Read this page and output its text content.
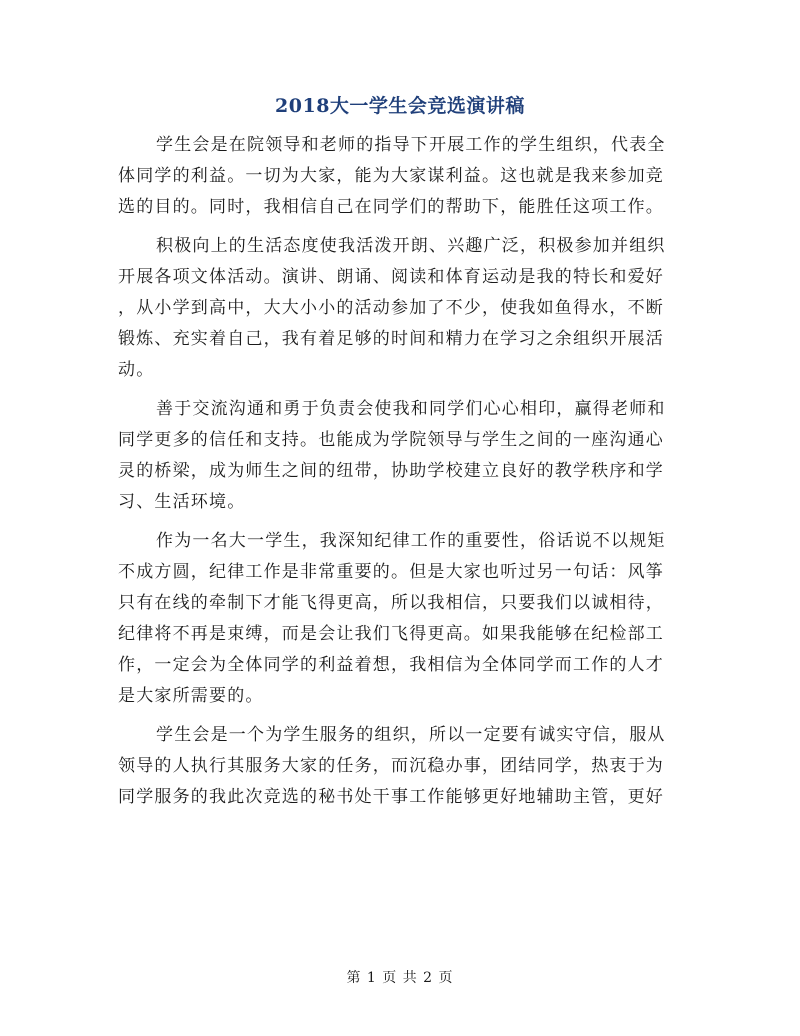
2018大一学生会竞选演讲稿
学生会是在院领导和老师的指导下开展工作的学生组织，代表全
体同学的利益。一切为大家，能为大家谋利益。这也就是我来参加竞
选的目的。同时，我相信自己在同学们的帮助下，能胜任这项工作。
积极向上的生活态度使我活泼开朗、兴趣广泛，积极参加并组织
开展各项文体活动。演讲、朗诵、阅读和体育运动是我的特长和爱好
，从小学到高中，大大小小的活动参加了不少，使我如鱼得水，不断
锻炼、充实着自己，我有着足够的时间和精力在学习之余组织开展活
动。
善于交流沟通和勇于负责会使我和同学们心心相印，赢得老师和
同学更多的信任和支持。也能成为学院领导与学生之间的一座沟通心
灵的桥梁，成为师生之间的纽带，协助学校建立良好的教学秩序和学
习、生活环境。
作为一名大一学生，我深知纪律工作的重要性，俗话说不以规矩
不成方圆，纪律工作是非常重要的。但是大家也听过另一句话：风筝
只有在线的牵制下才能飞得更高，所以我相信，只要我们以诚相待，
纪律将不再是束缚，而是会让我们飞得更高。如果我能够在纪检部工
作，一定会为全体同学的利益着想，我相信为全体同学而工作的人才
是大家所需要的。
学生会是一个为学生服务的组织，所以一定要有诚实守信，服从
领导的人执行其服务大家的任务，而沉稳办事，团结同学，热衷于为
同学服务的我此次竞选的秘书处干事工作能够更好地辅助主管，更好
第 1 页 共 2 页
